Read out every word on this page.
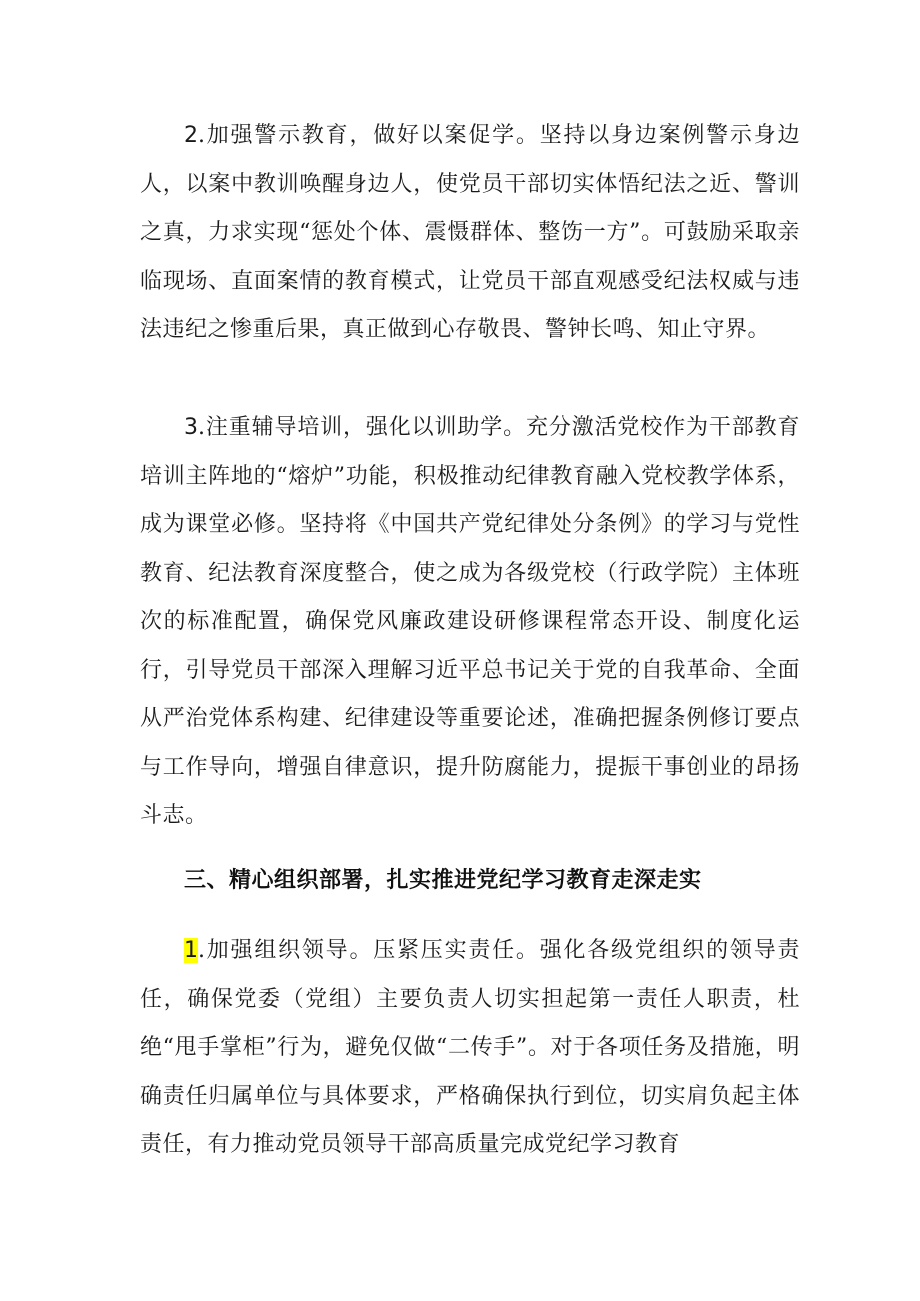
2.加强警示教育，做好以案促学。坚持以身边案例警示身边人，以案中教训唤醒身边人，使党员干部切实体悟纪法之近、警训之真，力求实现“惩处个体、震慑群体、整饬一方”。可鼓励采取亲临现场、直面案情的教育模式，让党员干部直观感受纪法权威与违法违纪之惨重后果，真正做到心存敬畏、警钟长鸣、知止守界。

3.注重辅导培训，强化以训助学。充分激活党校作为干部教育培训主阵地的“熔炉”功能，积极推动纪律教育融入党校教学体系，成为课堂必修。坚持将《中国共产党纪律处分条例》的学习与党性教育、纪法教育深度整合，使之成为各级党校（行政学院）主体班次的标准配置，确保党风廉政建设研修课程常态开设、制度化运行，引导党员干部深入理解习近平总书记关于党的自我革命、全面从严治党体系构建、纪律建设等重要论述，准确把握条例修订要点与工作导向，增强自律意识，提升防腐能力，提振干事创业的昂扬斗志。

三、精心组织部署，扎实推进党纪学习教育走深走实

1.加强组织领导。压紧压实责任。强化各级党组织的领导责任，确保党委（党组）主要负责人切实担起第一责任人职责，杜绝“甩手掌柜”行为，避免仅做“二传手”。对于各项任务及措施，明确责任归属单位与具体要求，严格确保执行到位，切实肩负起主体责任，有力推动党员领导干部高质量完成党纪学习教育
